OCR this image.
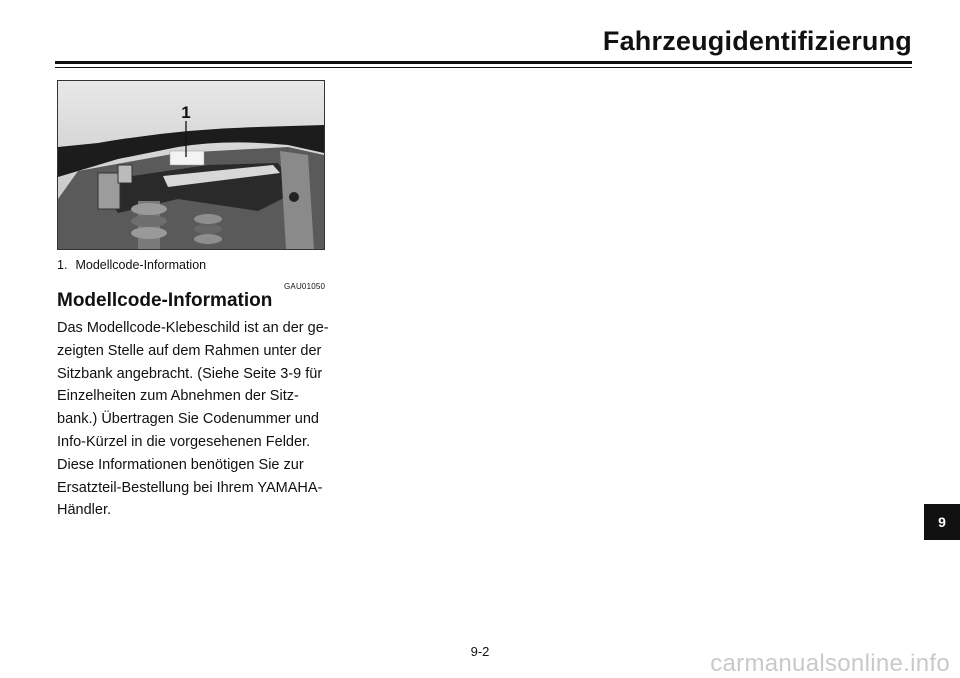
Fahrzeugidentifizierung
1
1. Modellcode-Information
GAU01050
Modellcode-Information
Das Modellcode-Klebeschild ist an der ge-
zeigten Stelle auf dem Rahmen unter der
Sitzbank angebracht. (Siehe Seite 3-9 für
Einzelheiten zum Abnehmen der Sitz-
bank.) Übertragen Sie Codenummer und
Info-Kürzel in die vorgesehenen Felder.
Diese Informationen benötigen Sie zur
Ersatzteil-Bestellung bei Ihrem YAMAHA-
Händler.
9
9-2	carmanualsonline.info
